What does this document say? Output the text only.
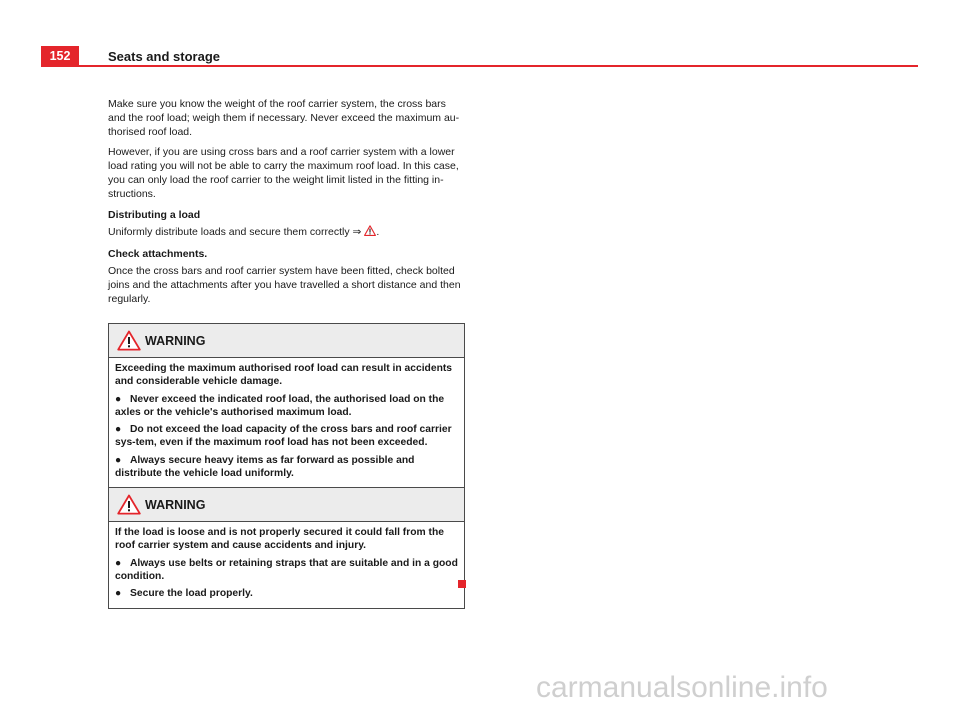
152	Seats and storage

Make sure you know the weight of the roof carrier system, the cross bars and the roof load; weigh them if necessary. Never exceed the maximum au-thorised roof load.

However, if you are using cross bars and a roof carrier system with a lower load rating you will not be able to carry the maximum roof load. In this case, you can only load the roof carrier to the weight limit listed in the fitting in-structions.

Distributing a load

Uniformly distribute loads and secure them correctly ⇒ .

Check attachments.

Once the cross bars and roof carrier system have been fitted, check bolted joins and the attachments after you have travelled a short distance and then regularly.

WARNING

Exceeding the maximum authorised roof load can result in accidents and considerable vehicle damage.

● Never exceed the indicated roof load, the authorised load on the axles or the vehicle's authorised maximum load.

● Do not exceed the load capacity of the cross bars and roof carrier sys-tem, even if the maximum roof load has not been exceeded.

● Always secure heavy items as far forward as possible and distribute the vehicle load uniformly.

WARNING

If the load is loose and is not properly secured it could fall from the roof carrier system and cause accidents and injury.

● Always use belts or retaining straps that are suitable and in a good condition.

● Secure the load properly.

carmanualsonline.info
